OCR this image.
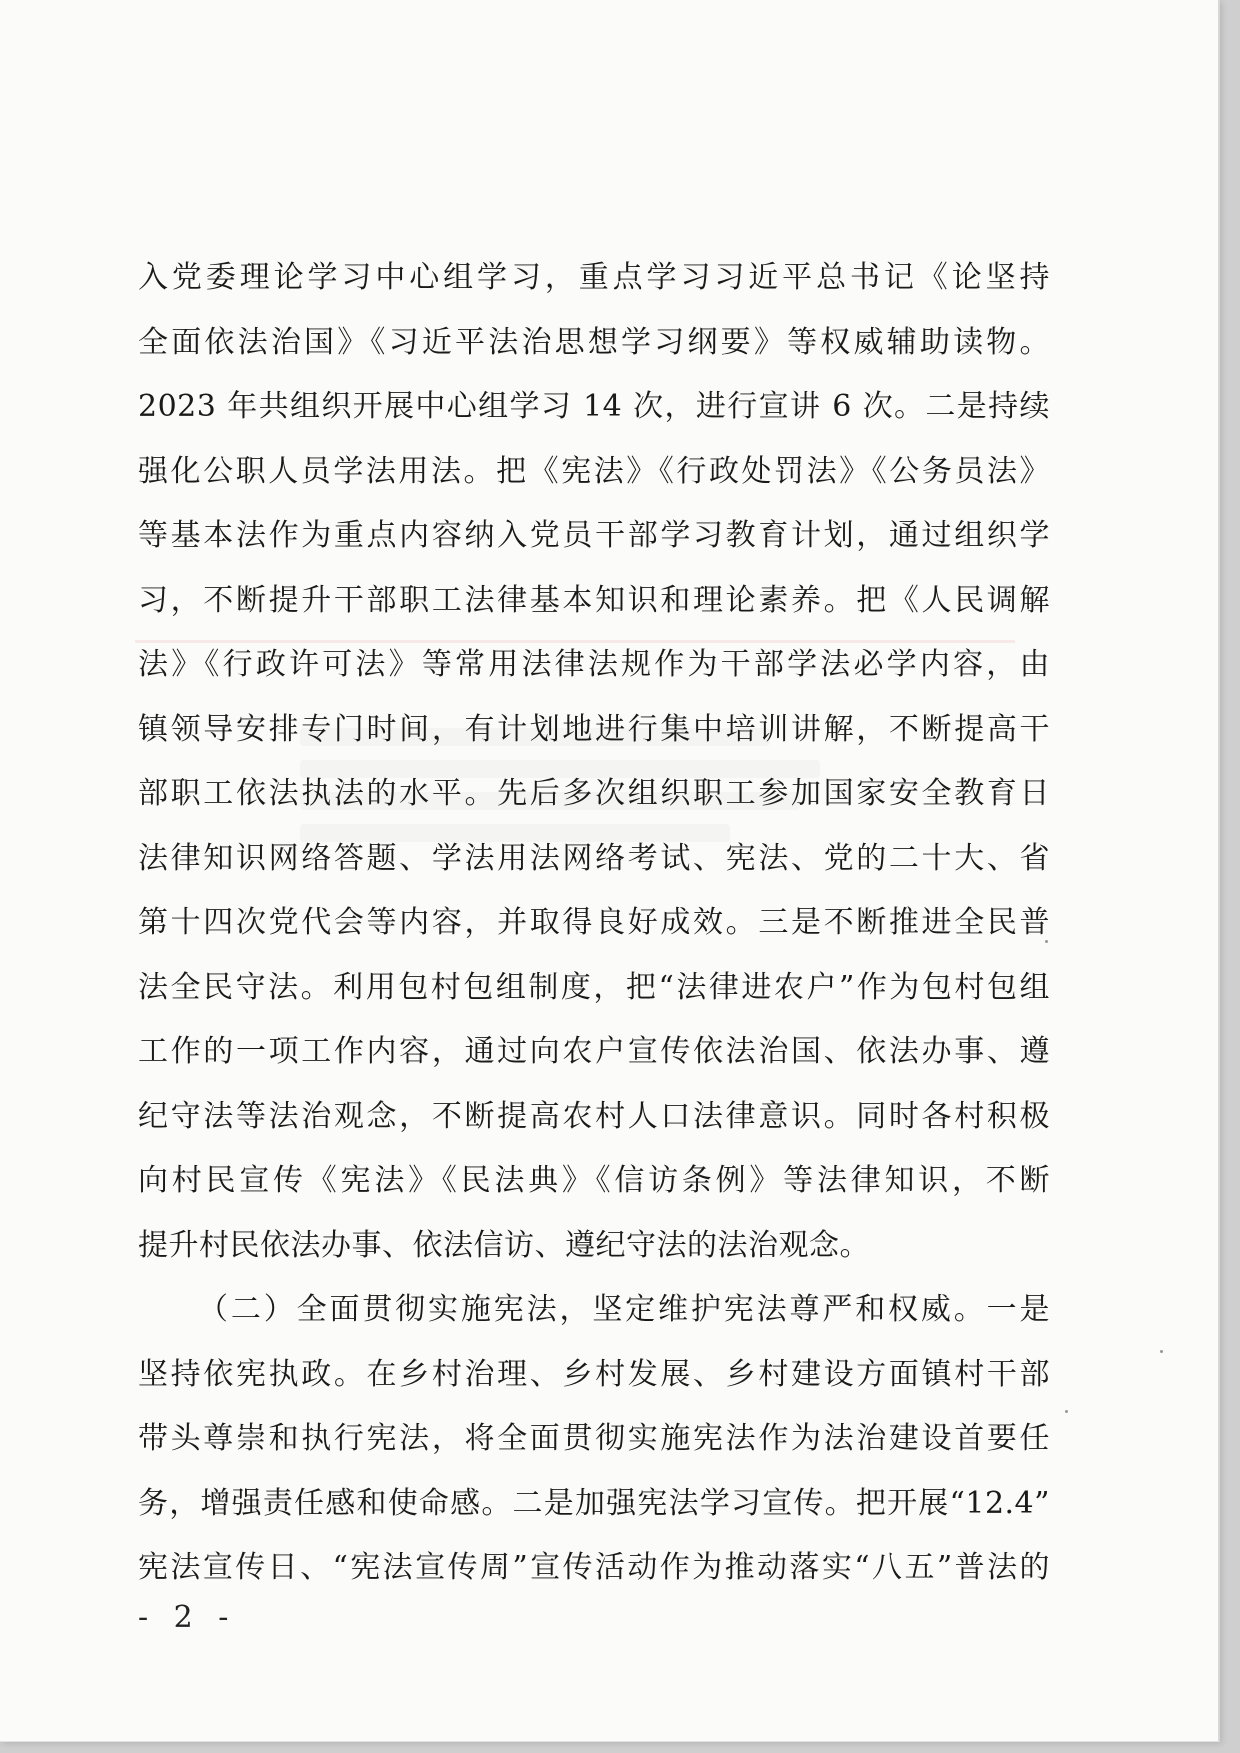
入党委理论学习中心组学习，重点学习习近平总书记《论坚持
全面依法治国》《习近平法治思想学习纲要》等权威辅助读物。
2023 年共组织开展中心组学习 14 次，进行宣讲 6 次。二是持续
强化公职人员学法用法。把《宪法》《行政处罚法》《公务员法》
等基本法作为重点内容纳入党员干部学习教育计划，通过组织学
习，不断提升干部职工法律基本知识和理论素养。把《人民调解
法》《行政许可法》等常用法律法规作为干部学法必学内容，由
镇领导安排专门时间，有计划地进行集中培训讲解，不断提高干
部职工依法执法的水平。先后多次组织职工参加国家安全教育日
法律知识网络答题、学法用法网络考试、宪法、党的二十大、省
第十四次党代会等内容，并取得良好成效。三是不断推进全民普
法全民守法。利用包村包组制度，把“法律进农户”作为包村包组
工作的一项工作内容，通过向农户宣传依法治国、依法办事、遵
纪守法等法治观念，不断提高农村人口法律意识。同时各村积极
向村民宣传《宪法》《民法典》《信访条例》等法律知识，不断
提升村民依法办事、依法信访、遵纪守法的法治观念。
（二）全面贯彻实施宪法，坚定维护宪法尊严和权威。一是
坚持依宪执政。在乡村治理、乡村发展、乡村建设方面镇村干部
带头尊崇和执行宪法，将全面贯彻实施宪法作为法治建设首要任
务，增强责任感和使命感。二是加强宪法学习宣传。把开展“12.4”
宪法宣传日、“宪法宣传周”宣传活动作为推动落实“八五”普法的
- 2 -
